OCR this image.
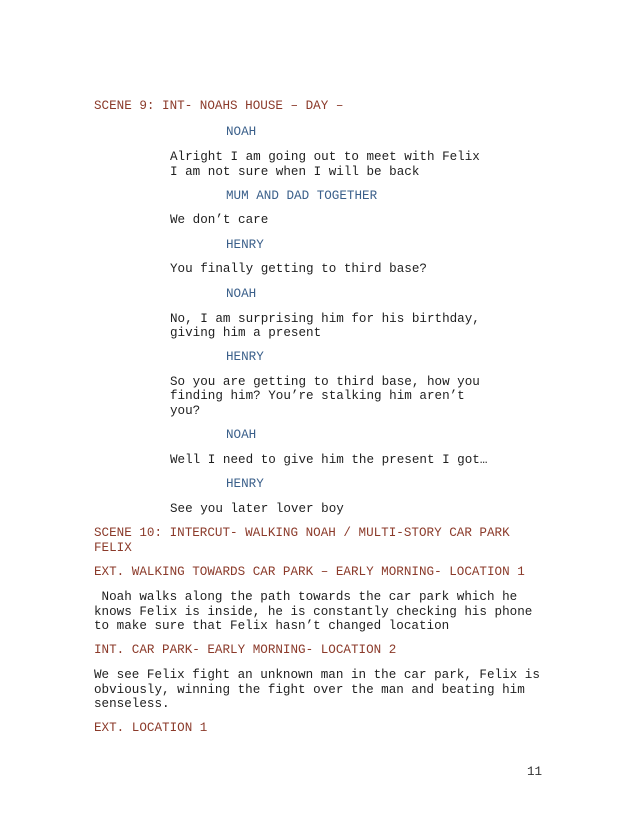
SCENE 9: INT- NOAHS HOUSE – DAY –
NOAH
Alright I am going out to meet with Felix
I am not sure when I will be back
MUM AND DAD TOGETHER
We don’t care
HENRY
You finally getting to third base?
NOAH
No, I am surprising him for his birthday,
giving him a present
HENRY
So you are getting to third base, how you
finding him? You’re stalking him aren’t
you?
NOAH
Well I need to give him the present I got…
HENRY
See you later lover boy
SCENE 10: INTERCUT- WALKING NOAH / MULTI-STORY CAR PARK
FELIX
EXT. WALKING TOWARDS CAR PARK – EARLY MORNING- LOCATION 1
Noah walks along the path towards the car park which he
knows Felix is inside, he is constantly checking his phone
to make sure that Felix hasn’t changed location
INT. CAR PARK- EARLY MORNING- LOCATION 2
We see Felix fight an unknown man in the car park, Felix is
obviously, winning the fight over the man and beating him
senseless.
EXT. LOCATION 1
11
